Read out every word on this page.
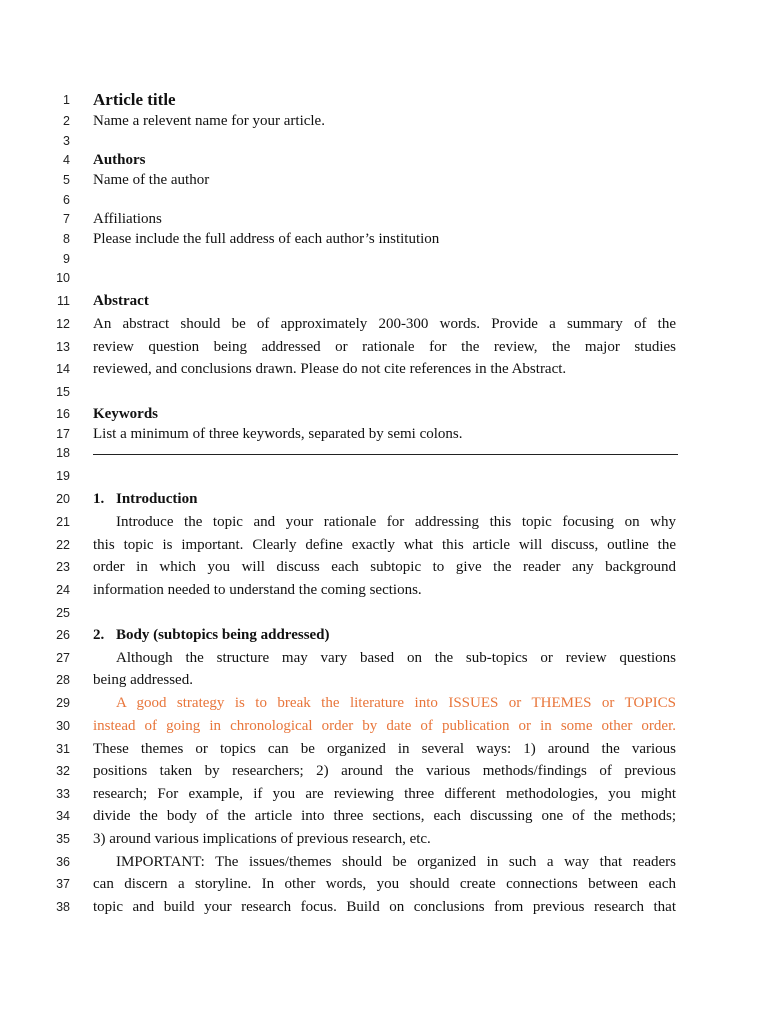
1 Article title
2 Name a relevent name for your article.
3
4 Authors
5 Name of the author
6
7 Affiliations
8 Please include the full address of each author’s institution
9
10
11 Abstract
12 An abstract should be of approximately 200-300 words. Provide a summary of the
13 review question being addressed or rationale for the review, the major studies
14 reviewed, and conclusions drawn. Please do not cite references in the Abstract.
15
16 Keywords
17 List a minimum of three keywords, separated by semi colons.
18
19
20 1. Introduction
21	Introduce the topic and your rationale for addressing this topic focusing on why
22 this topic is important. Clearly define exactly what this article will discuss, outline the
23 order in which you will discuss each subtopic to give the reader any background
24 information needed to understand the coming sections.
25
26 2. Body (subtopics being addressed)
27	Although the structure may vary based on the sub-topics or review questions
28 being addressed.
29	A good strategy is to break the literature into ISSUES or THEMES or TOPICS
30 instead of going in chronological order by date of publication or in some other order.
31 These themes or topics can be organized in several ways: 1) around the various
32 positions taken by researchers; 2) around the various methods/findings of previous
33 research; For example, if you are reviewing three different methodologies, you might
34 divide the body of the article into three sections, each discussing one of the methods;
35 3) around various implications of previous research, etc.
36	IMPORTANT: The issues/themes should be organized in such a way that readers
37 can discern a storyline. In other words, you should create connections between each
38 topic and build your research focus. Build on conclusions from previous research that
